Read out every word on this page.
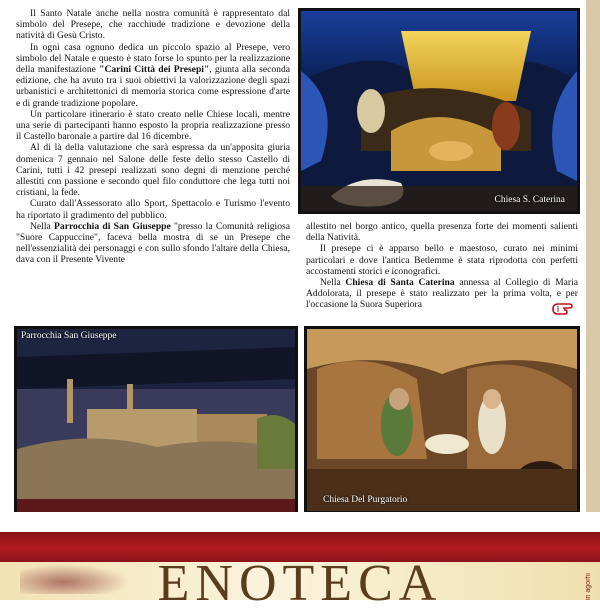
Il Santo Natale anche nella nostra comunità è rappresentato dal simbolo del Presepe, che racchiude tradizione e devozione della natività di Gesù Cristo.

In ogni casa ognuno dedica un piccolo spazio al Presepe, vero simbolo del Natale e questo è stato forse lo spunto per la realizzazione della manifestazione "Carini Città dei Presepi", giunta alla seconda edizione, che ha avuto tra i suoi obiettivi la valorizzazione degli spazi urbanistici e architettonici di memoria storica come espressione d'arte e di grande tradizione popolare.

Un particolare itinerario è stato creato nelle Chiese locali, mentre una serie di partecipanti hanno esposto la propria realizzazione presso il Castello baronale a partire dal 16 dicembre.

Al di là della valutazione che sarà espressa da un'apposita giuria domenica 7 gennaio nel Salone delle feste dello stesso Castello di Carini, tutti i 42 presepi realizzati sono degni di menzione perché allestiti con passione e secondo quel filo conduttore che lega tutti noi cristiani, la fede.

Curato dall'Assessorato allo Sport, Spettacolo e Turismo l'evento ha riportato il gradimento del pubblico.

Nella Parrocchia di San Giuseppe "presso la Comunità religiosa "Suore Cappuccine", faceva bella mostra di se un Presepe che nell'essenzialità dei personaggi e con sullo sfondo l'altare della Chiesa, dava con il Presente Vivente

Chiesa S. Caterina

allestito nel borgo antico, quella presenza forte dei momenti salienti della Natività.

Il presepe ci è apparso bello e maestoso, curato nei minimi particolari e dove l'antica Betlemme è stata riprodotta con perfetti accostamenti storici e iconografici.

Nella Chiesa di Santa Caterina annessa al Collegio di Maria Addolorata, il presepe è stato realizzato per la prima volta, e per l'occasione la Suora Superiora

Parrocchia San Giuseppe
Chiesa Del Purgatorio
ENOTECA	in agorhi
